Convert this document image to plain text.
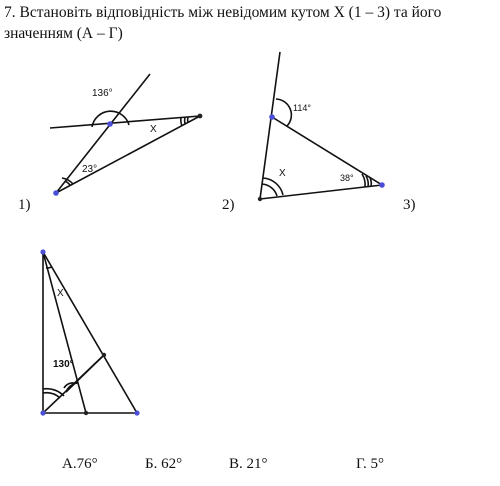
7. Встановіть відповідність між невідомим кутом X (1 – 3) та його
значенням (А – Г)
136°
23°
X
114°
38°
X
X
130°
1)	2)	3)
А.76°	Б. 62°	В. 21°	Г. 5°
